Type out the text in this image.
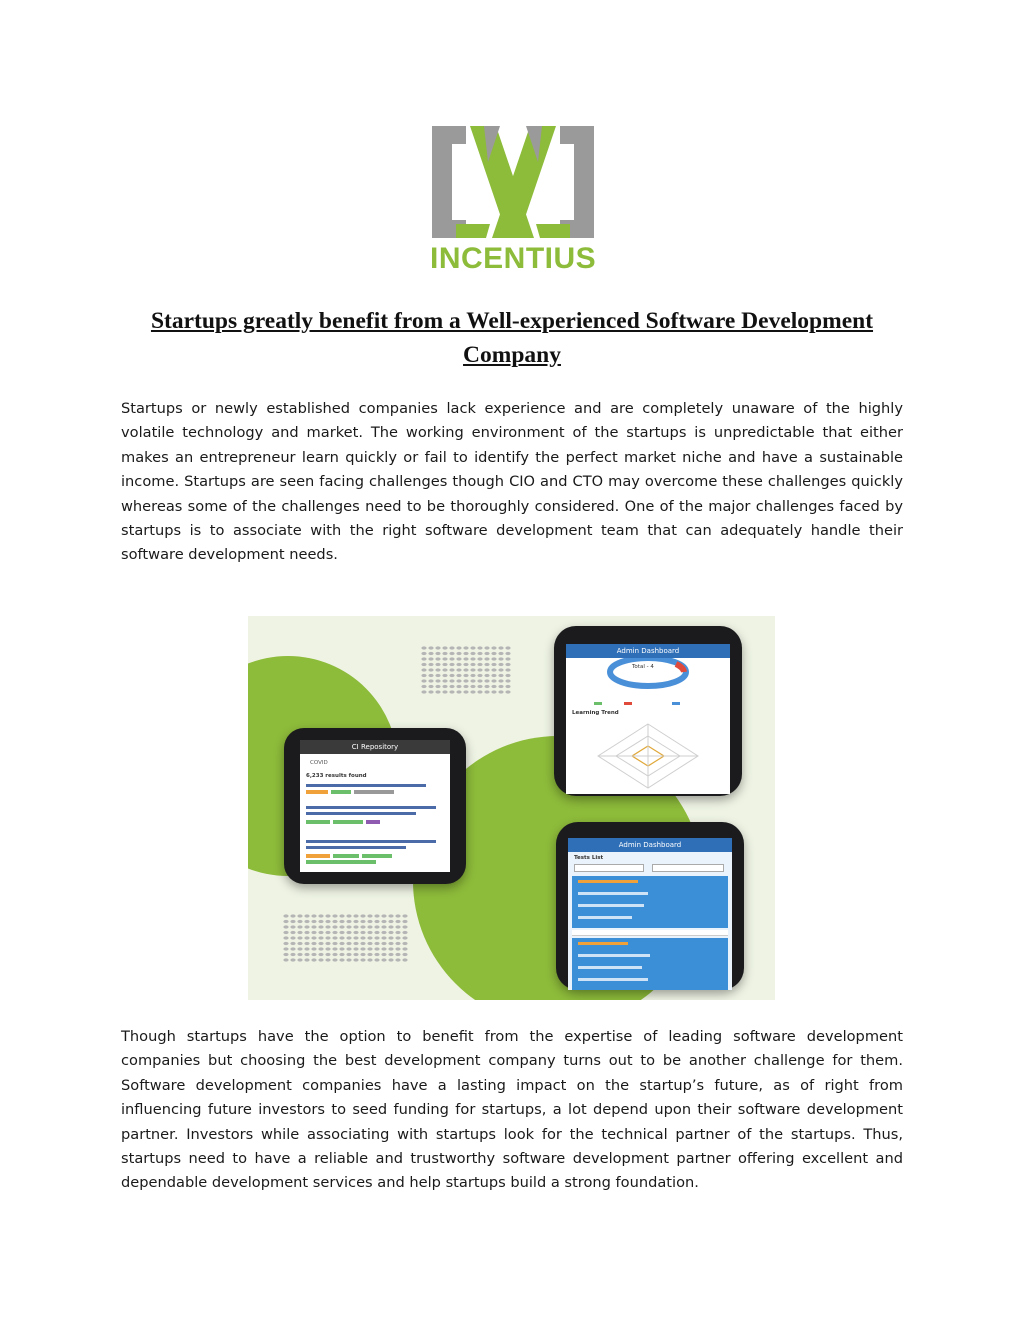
INCENTIUS
Startups greatly benefit from a Well-experienced Software Development Company

Startups or newly established companies lack experience and are completely unaware of the highly volatile technology and market. The working environment of the startups is unpredictable that either makes an entrepreneur learn quickly or fail to identify the perfect market niche and have a sustainable income. Startups are seen facing challenges though CIO and CTO may overcome these challenges quickly whereas some of the challenges need to be thoroughly considered. One of the major challenges faced by startups is to associate with the right software development team that can adequately handle their software development needs.

CI Repository
COVID
6,233 results found
Admin Dashboard
Total - 4
Learning Trend
Admin Dashboard
Tests List

Though startups have the option to benefit from the expertise of leading software development companies but choosing the best development company turns out to be another challenge for them. Software development companies have a lasting impact on the startup’s future, as of right from influencing future investors to seed funding for startups, a lot depend upon their software development partner. Investors while associating with startups look for the technical partner of the startups. Thus, startups need to have a reliable and trustworthy software development partner offering excellent and dependable development services and help startups build a strong foundation.
